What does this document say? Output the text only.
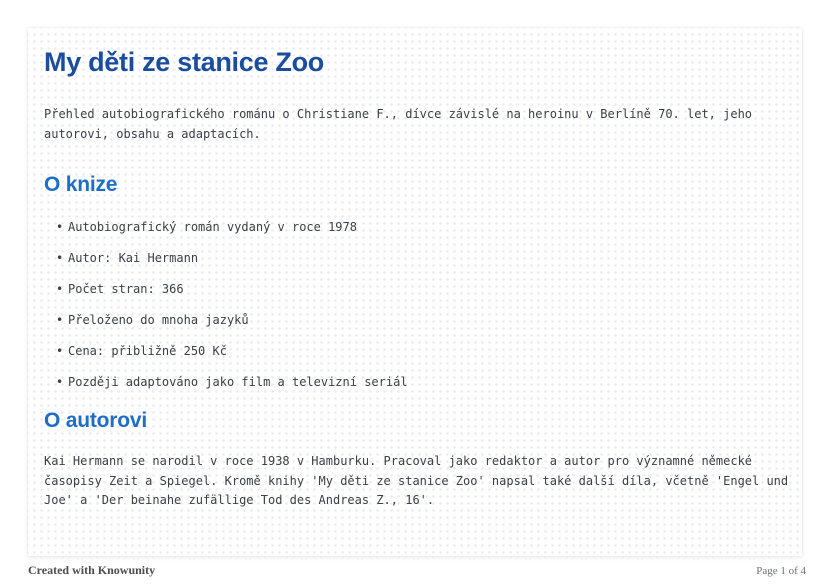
My děti ze stanice Zoo

Přehled autobiografického románu o Christiane F., dívce závislé na heroinu v Berlíně 70. let, jeho autorovi, obsahu a adaptacích.

O knize
• Autobiografický román vydaný v roce 1978
• Autor: Kai Hermann
• Počet stran: 366
• Přeloženo do mnoha jazyků
• Cena: přibližně 250 Kč
• Později adaptováno jako film a televizní seriál
O autorovi

Kai Hermann se narodil v roce 1938 v Hamburku. Pracoval jako redaktor a autor pro významné německé časopisy Zeit a Spiegel. Kromě knihy 'My děti ze stanice Zoo' napsal také další díla, včetně 'Engel und Joe' a 'Der beinahe zufällige Tod des Andreas Z., 16'.

Created with Knowunity	Page 1 of 4
